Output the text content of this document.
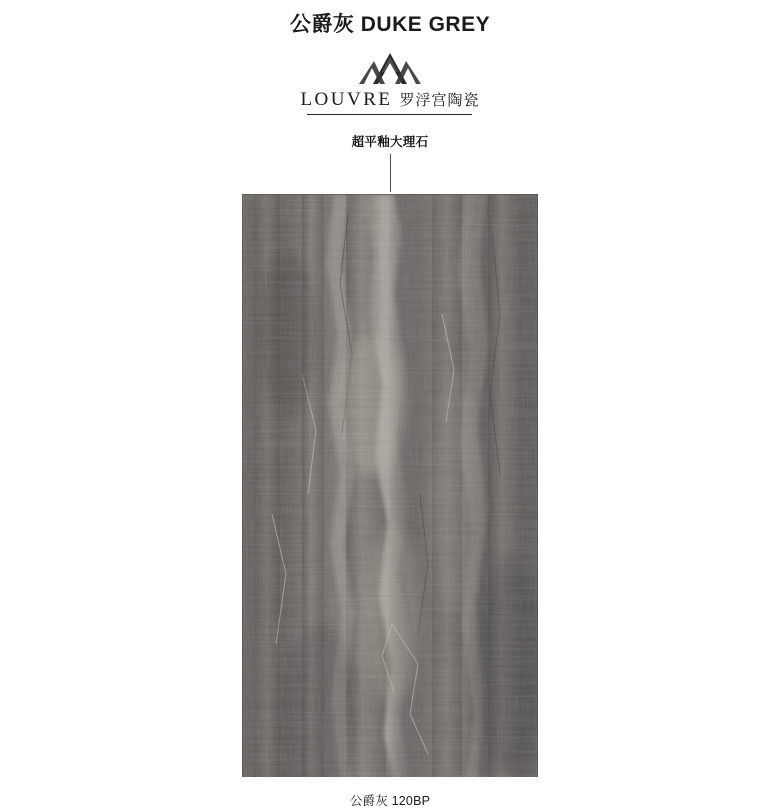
公爵灰 DUKE GREY
LOUVRE 罗浮宫陶瓷
超平釉大理石
公爵灰 120BP
